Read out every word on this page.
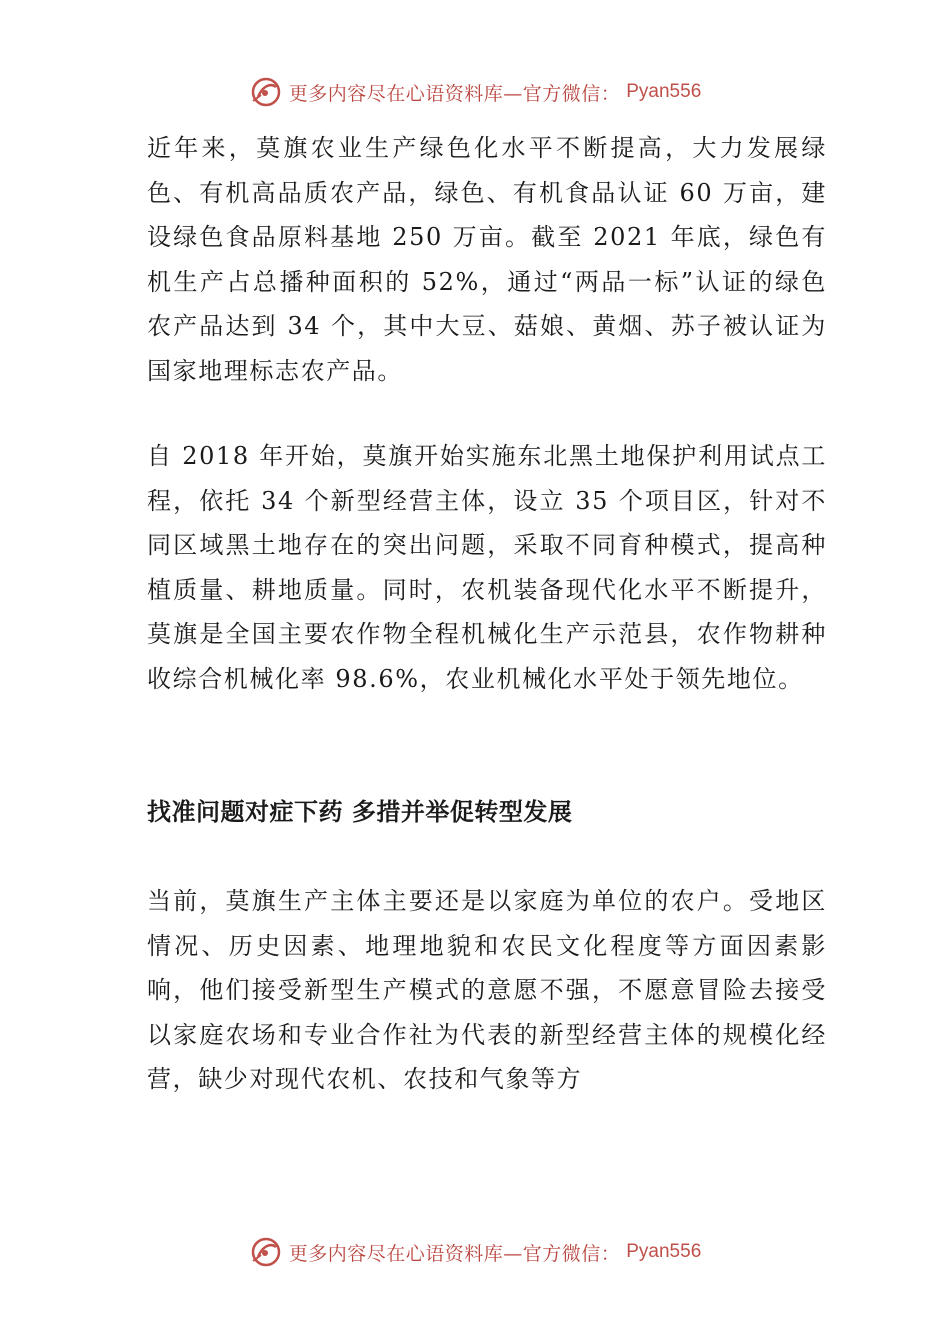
更多内容尽在心语资料库—官方微信： Pyan556

近年来，莫旗农业生产绿色化水平不断提高，大力发展绿色、有机高品质农产品，绿色、有机食品认证 60 万亩，建设绿色食品原料基地 250 万亩。截至 2021 年底，绿色有机生产占总播种面积的 52%，通过“两品一标”认证的绿色农产品达到 34 个，其中大豆、菇娘、黄烟、苏子被认证为国家地理标志农产品。

自 2018 年开始，莫旗开始实施东北黑土地保护利用试点工程，依托 34 个新型经营主体，设立 35 个项目区，针对不同区域黑土地存在的突出问题，采取不同育种模式，提高种植质量、耕地质量。同时，农机装备现代化水平不断提升，莫旗是全国主要农作物全程机械化生产示范县，农作物耕种收综合机械化率 98.6%，农业机械化水平处于领先地位。

找准问题对症下药 多措并举促转型发展

当前，莫旗生产主体主要还是以家庭为单位的农户。受地区情况、历史因素、地理地貌和农民文化程度等方面因素影响，他们接受新型生产模式的意愿不强，不愿意冒险去接受以家庭农场和专业合作社为代表的新型经营主体的规模化经营，缺少对现代农机、农技和气象等方

更多内容尽在心语资料库—官方微信： Pyan556
